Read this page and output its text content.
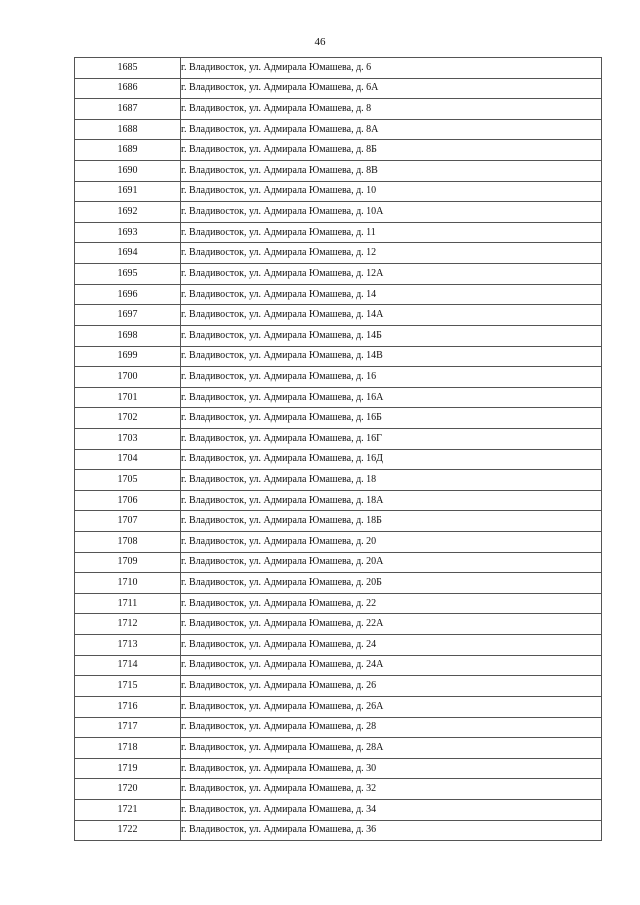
46
1685	г. Владивосток, ул. Адмирала Юмашева, д. 6
1686	г. Владивосток, ул. Адмирала Юмашева, д. 6А
1687	г. Владивосток, ул. Адмирала Юмашева, д. 8
1688	г. Владивосток, ул. Адмирала Юмашева, д. 8А
1689	г. Владивосток, ул. Адмирала Юмашева, д. 8Б
1690	г. Владивосток, ул. Адмирала Юмашева, д. 8В
1691	г. Владивосток, ул. Адмирала Юмашева, д. 10
1692	г. Владивосток, ул. Адмирала Юмашева, д. 10А
1693	г. Владивосток, ул. Адмирала Юмашева, д. 11
1694	г. Владивосток, ул. Адмирала Юмашева, д. 12
1695	г. Владивосток, ул. Адмирала Юмашева, д. 12А
1696	г. Владивосток, ул. Адмирала Юмашева, д. 14
1697	г. Владивосток, ул. Адмирала Юмашева, д. 14А
1698	г. Владивосток, ул. Адмирала Юмашева, д. 14Б
1699	г. Владивосток, ул. Адмирала Юмашева, д. 14В
1700	г. Владивосток, ул. Адмирала Юмашева, д. 16
1701	г. Владивосток, ул. Адмирала Юмашева, д. 16А
1702	г. Владивосток, ул. Адмирала Юмашева, д. 16Б
1703	г. Владивосток, ул. Адмирала Юмашева, д. 16Г
1704	г. Владивосток, ул. Адмирала Юмашева, д. 16Д
1705	г. Владивосток, ул. Адмирала Юмашева, д. 18
1706	г. Владивосток, ул. Адмирала Юмашева, д. 18А
1707	г. Владивосток, ул. Адмирала Юмашева, д. 18Б
1708	г. Владивосток, ул. Адмирала Юмашева, д. 20
1709	г. Владивосток, ул. Адмирала Юмашева, д. 20А
1710	г. Владивосток, ул. Адмирала Юмашева, д. 20Б
1711	г. Владивосток, ул. Адмирала Юмашева, д. 22
1712	г. Владивосток, ул. Адмирала Юмашева, д. 22А
1713	г. Владивосток, ул. Адмирала Юмашева, д. 24
1714	г. Владивосток, ул. Адмирала Юмашева, д. 24А
1715	г. Владивосток, ул. Адмирала Юмашева, д. 26
1716	г. Владивосток, ул. Адмирала Юмашева, д. 26А
1717	г. Владивосток, ул. Адмирала Юмашева, д. 28
1718	г. Владивосток, ул. Адмирала Юмашева, д. 28А
1719	г. Владивосток, ул. Адмирала Юмашева, д. 30
1720	г. Владивосток, ул. Адмирала Юмашева, д. 32
1721	г. Владивосток, ул. Адмирала Юмашева, д. 34
1722	г. Владивосток, ул. Адмирала Юмашева, д. 36
